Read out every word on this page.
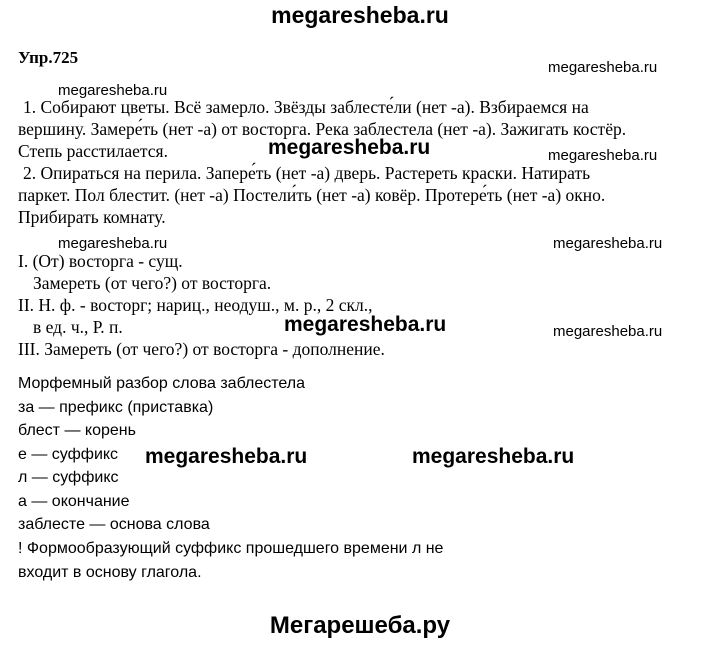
megaresheba.ru
Упр.725
megaresheba.ru
megaresheba.ru
megaresheba.ru
megaresheba.ru	megaresheba.ru
megaresheba.ru
1. Собирают цветы. Всё замерло. Звёзды заблесте́ли (нет -а). Взбираемся на
вершину. Замере́ть (нет -а) от восторга. Река заблестела (нет -а). Зажигать костёр.
Степь расстилается.	megaresheba.ru
2. Опираться на перила. Запере́ть (нет -а) дверь. Растереть краски. Натирать
паркет. Пол блестит. (нет -а) Постели́ть (нет -а) ковёр. Протере́ть (нет -а) окно.
Прибирать комнату.
I. (От) восторга - сущ.
Замереть (от чего?) от восторга.
II. Н. ф. - восторг; нариц., неодуш., м. р., 2 скл.,
в ед. ч., Р. п.
III. Замереть (от чего?) от восторга - дополнение.
megaresheba.ru
Морфемный разбор слова заблестела
за — префикс (приставка)
блест — корень
е — суффикс
л — суффикс
а — окончание
заблесте — основа слова
! Формообразующий суффикс прошедшего времени л не
входит в основу глагола.
megaresheba.ru	megaresheba.ru
Мегарешеба.ру
